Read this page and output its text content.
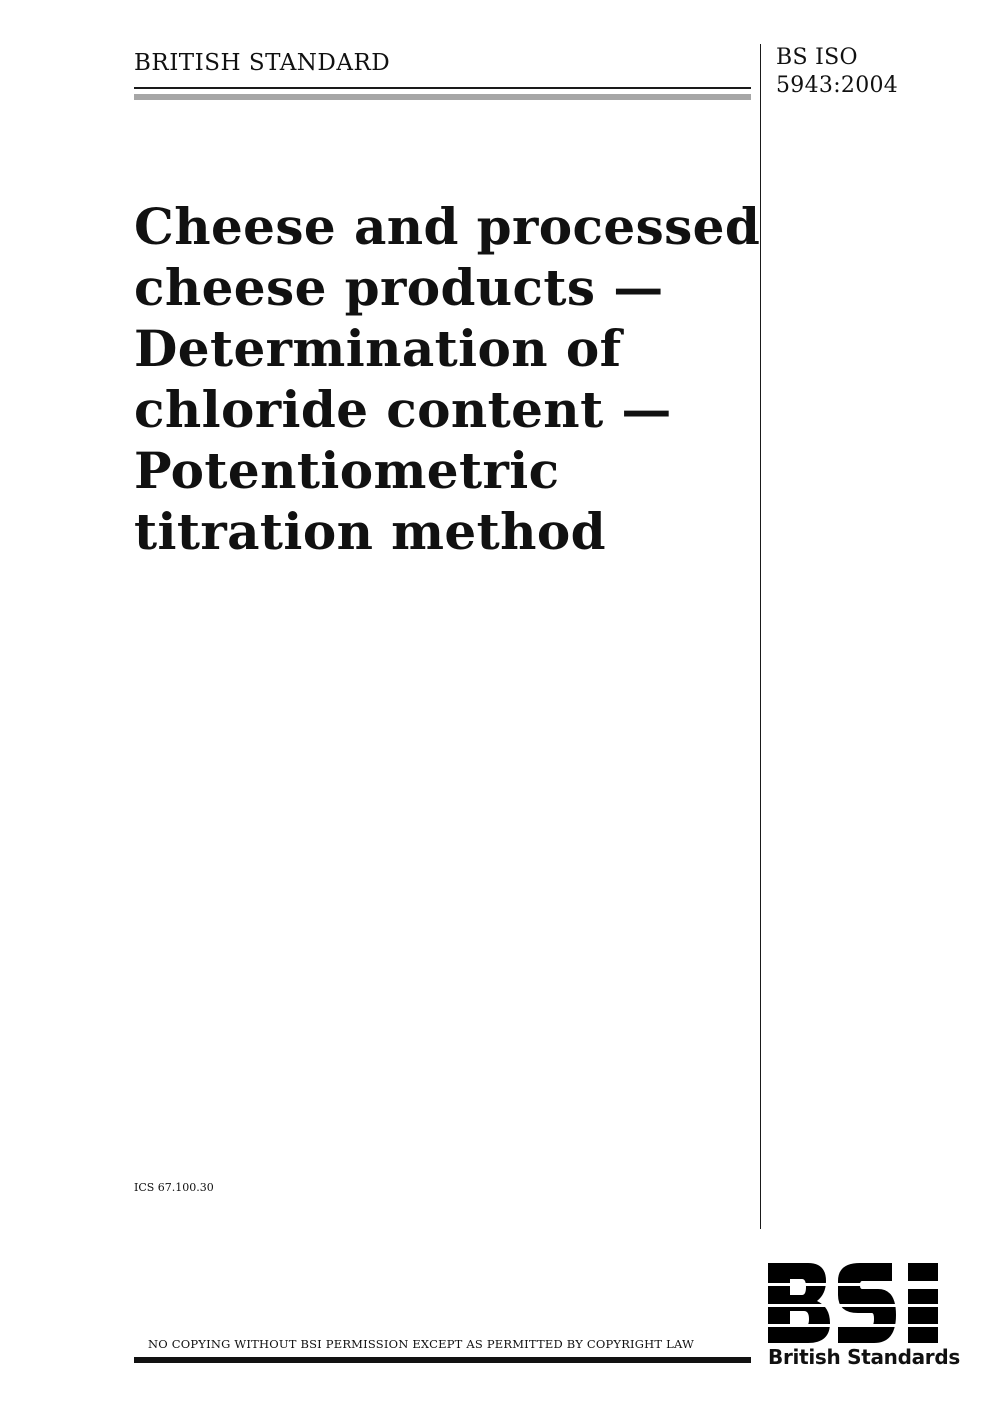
BRITISH STANDARD	BS ISO
5943:2004
Cheese and processed
cheese products —
Determination of
chloride content —
Potentiometric
titration method
ICS 67.100.30
NO COPYING WITHOUT BSI PERMISSION EXCEPT AS PERMITTED BY COPYRIGHT LAW
British Standards
